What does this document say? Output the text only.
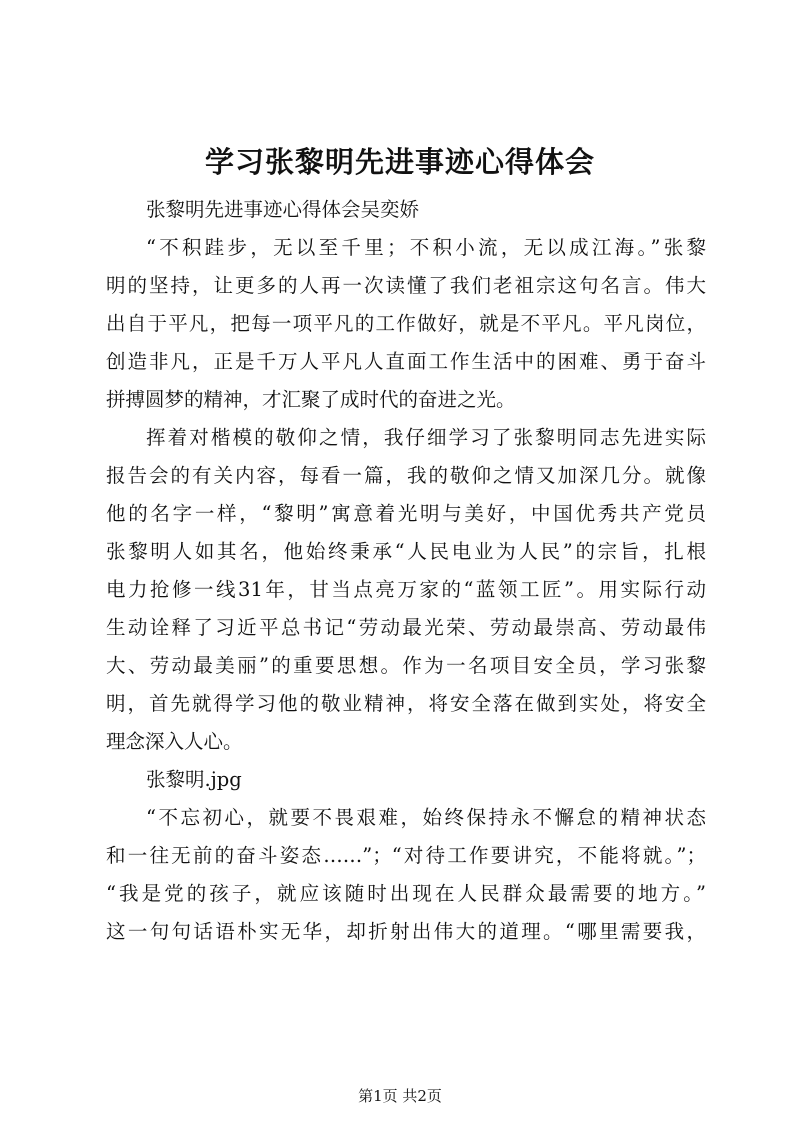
学习张黎明先进事迹心得体会
张黎明先进事迹心得体会吴奕娇
“不积跬步，无以至千里；不积小流，无以成江海。”张黎
明的坚持，让更多的人再一次读懂了我们老祖宗这句名言。伟大
出自于平凡，把每一项平凡的工作做好，就是不平凡。平凡岗位，
创造非凡，正是千万人平凡人直面工作生活中的困难、勇于奋斗
拼搏圆梦的精神，才汇聚了成时代的奋进之光。
挥着对楷模的敬仰之情，我仔细学习了张黎明同志先进实际
报告会的有关内容，每看一篇，我的敬仰之情又加深几分。就像
他的名字一样，“黎明”寓意着光明与美好，中国优秀共产党员
张黎明人如其名，他始终秉承“人民电业为人民”的宗旨，扎根
电力抢修一线31年，甘当点亮万家的“蓝领工匠”。用实际行动
生动诠释了习近平总书记“劳动最光荣、劳动最崇高、劳动最伟
大、劳动最美丽”的重要思想。作为一名项目安全员，学习张黎
明，首先就得学习他的敬业精神，将安全落在做到实处，将安全
理念深入人心。
张黎明.jpg
“不忘初心，就要不畏艰难，始终保持永不懈怠的精神状态
和一往无前的奋斗姿态……”；“对待工作要讲究，不能将就。”；
“我是党的孩子，就应该随时出现在人民群众最需要的地方。”
这一句句话语朴实无华，却折射出伟大的道理。“哪里需要我，
第1页 共2页
